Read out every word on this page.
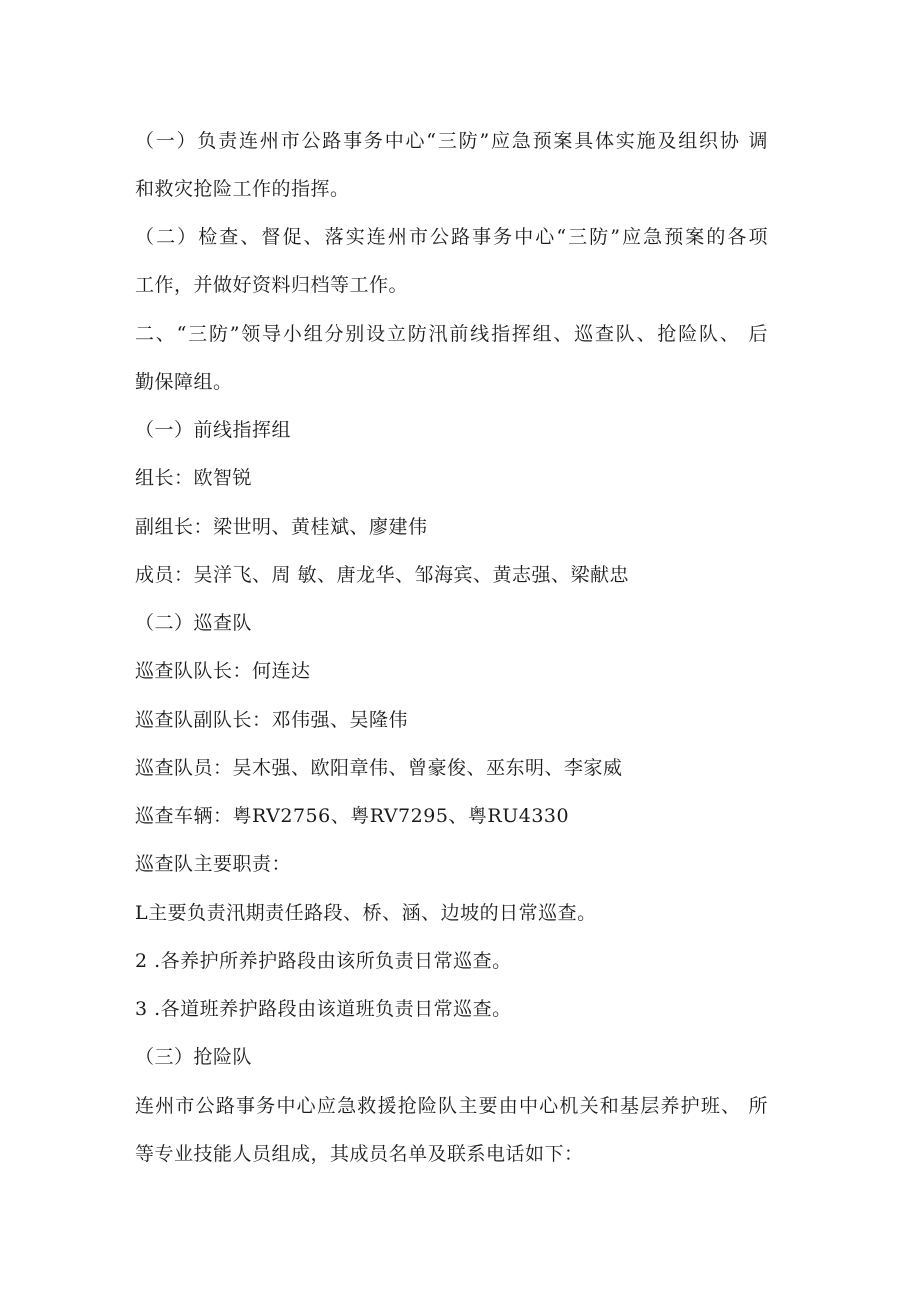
（一）负责连州市公路事务中心“三防”应急预案具体实施及组织协 调
和救灾抢险工作的指挥。
（二）检查、督促、落实连州市公路事务中心“三防”应急预案的各项
工作，并做好资料归档等工作。
二、“三防”领导小组分别设立防汛前线指挥组、巡查队、抢险队、 后
勤保障组。
（一）前线指挥组
组长：欧智锐
副组长：梁世明、黄桂斌、廖建伟
成员：吴洋飞、周 敏、唐龙华、邹海宾、黄志强、梁献忠
（二）巡查队
巡查队队长：何连达
巡查队副队长：邓伟强、吴隆伟
巡查队员：吴木强、欧阳章伟、曾豪俊、巫东明、李家威
巡查车辆：粤RV2756、粤RV7295、粤RU4330
巡查队主要职责：
L主要负责汛期责任路段、桥、涵、边坡的日常巡查。
2 .各养护所养护路段由该所负责日常巡查。
3 .各道班养护路段由该道班负责日常巡查。
（三）抢险队
连州市公路事务中心应急救援抢险队主要由中心机关和基层养护班、 所
等专业技能人员组成，其成员名单及联系电话如下：
